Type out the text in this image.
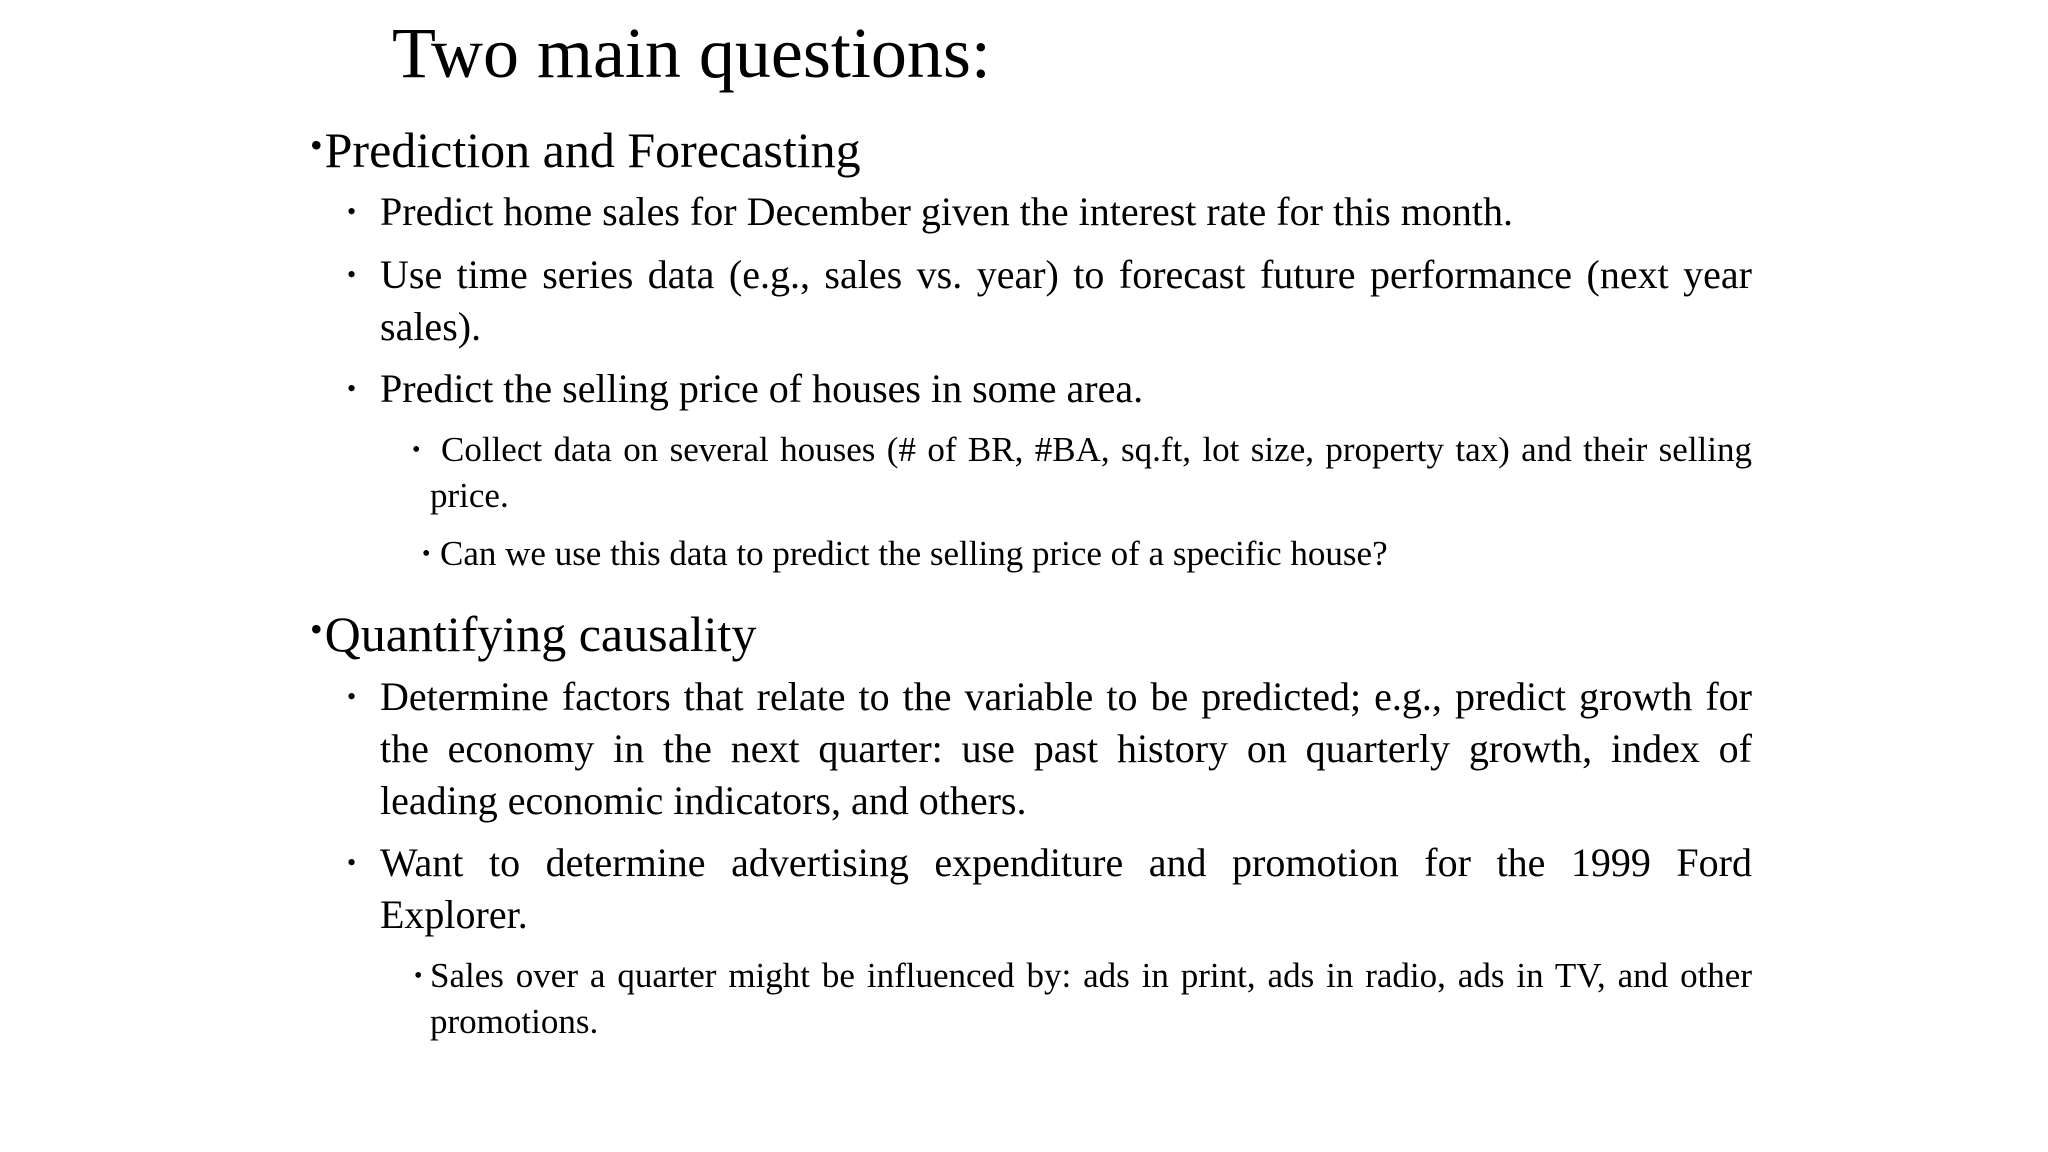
Two main questions:
•Prediction and Forecasting
• Predict home sales for December given the interest rate for this month.
• Use time series data (e.g., sales vs. year) to forecast future performance (next year sales).
• Predict the selling price of houses in some area.
• Collect data on several houses (# of BR, #BA, sq.ft, lot size, property tax) and their selling price.
• Can we use this data to predict the selling price of a specific house?
•Quantifying causality
• Determine factors that relate to the variable to be predicted; e.g., predict growth for the economy in the next quarter: use past history on quarterly growth, index of leading economic indicators, and others.
• Want to determine advertising expenditure and promotion for the 1999 Ford Explorer.
• Sales over a quarter might be influenced by: ads in print, ads in radio, ads in TV, and other promotions.
